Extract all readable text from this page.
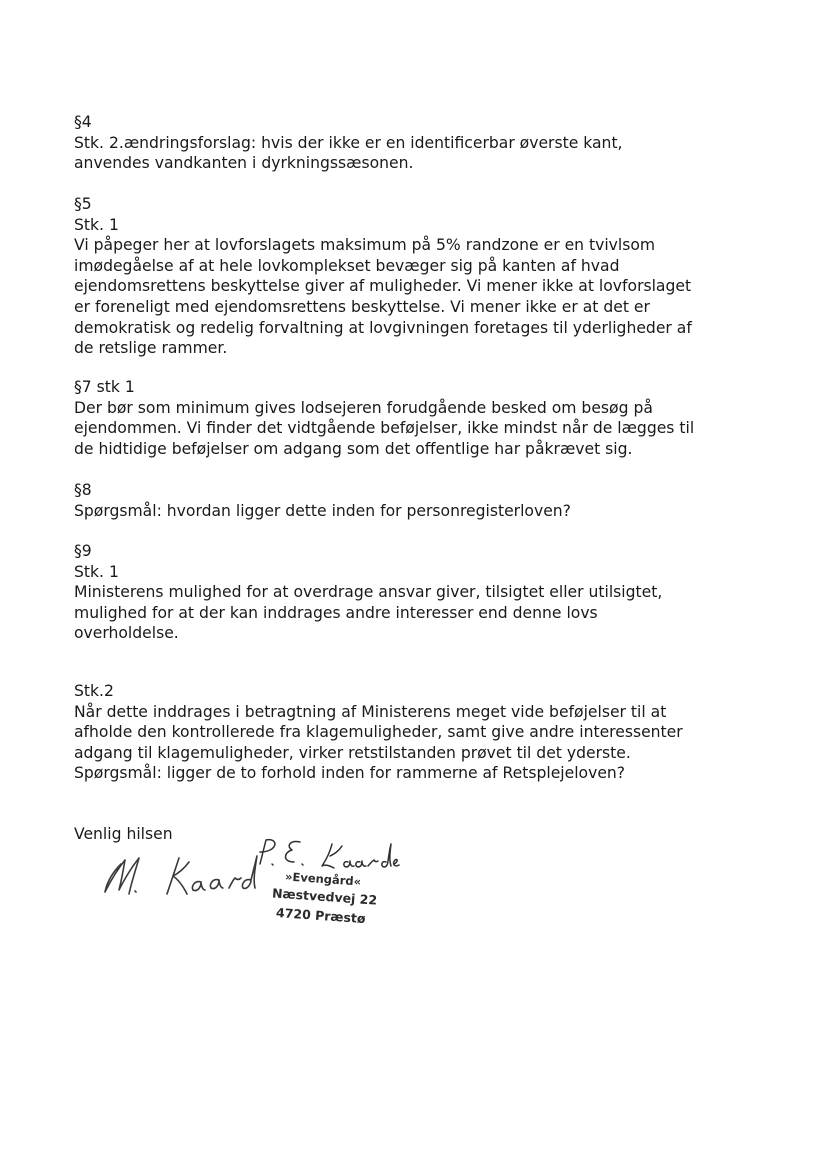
§4
Stk. 2.ændringsforslag: hvis der ikke er en identificerbar øverste kant,
anvendes vandkanten i dyrkningssæsonen.
§5
Stk. 1
Vi påpeger her at lovforslagets maksimum på 5% randzone er en tvivlsom
imødegåelse af at hele lovkomplekset bevæger sig på kanten af hvad
ejendomsrettens beskyttelse giver af muligheder. Vi mener ikke at lovforslaget
er foreneligt med ejendomsrettens beskyttelse. Vi mener ikke er at det er
demokratisk og redelig forvaltning at lovgivningen foretages til yderligheder af
de retslige rammer.
§7 stk 1
Der bør som minimum gives lodsejeren forudgående besked om besøg på
ejendommen. Vi finder det vidtgående beføjelser, ikke mindst når de lægges til
de hidtidige beføjelser om adgang som det offentlige har påkrævet sig.
§8
Spørgsmål: hvordan ligger dette inden for personregisterloven?
§9
Stk. 1
Ministerens mulighed for at overdrage ansvar giver, tilsigtet eller utilsigtet,
mulighed for at der kan inddrages andre interesser end denne lovs
overholdelse.
Stk.2
Når dette inddrages i betragtning af Ministerens meget vide beføjelser til at
afholde den kontrollerede fra klagemuligheder, samt give andre interessenter
adgang til klagemuligheder, virker retstilstanden prøvet til det yderste.
Spørgsmål: ligger de to forhold inden for rammerne af Retsplejeloven?
Venlig hilsen
»Evengård«
Næstvedvej 22
4720 Præstø
